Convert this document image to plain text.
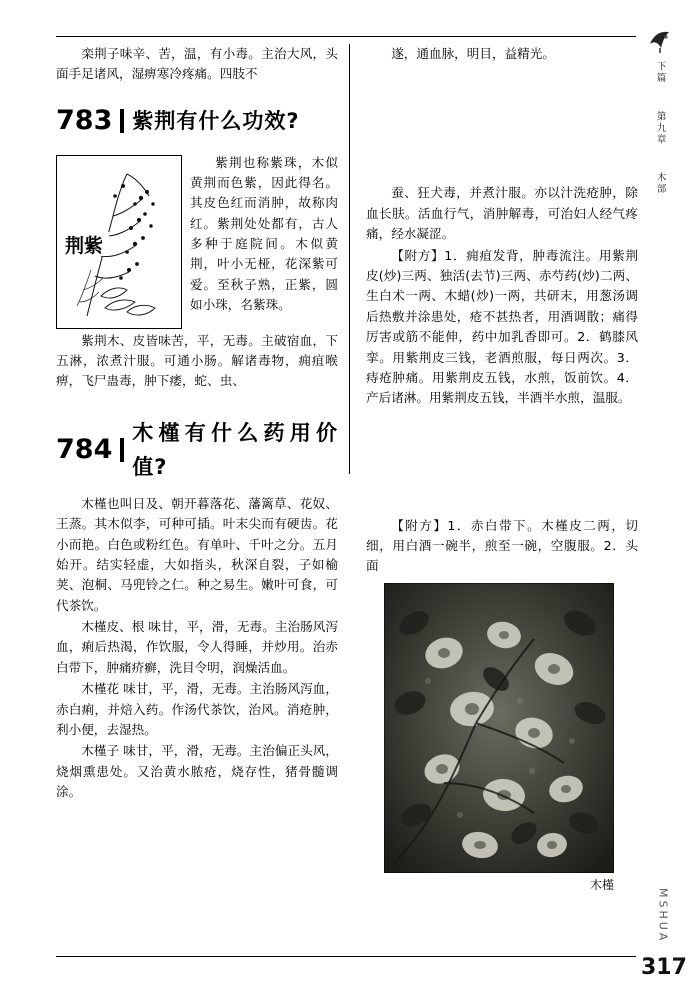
下篇 第九章 木部
MSHUA
317

栾荆子味辛、苦，温，有小毒。主治大风，头面手足诸风，湿痹寒冷疼痛。四肢不

783 紫荆有什么功效?
荆紫

紫荆也称紫珠，木似黄荆而色紫，因此得名。其皮色红而消肿，故称肉红。紫荆处处都有，古人多种于庭院间。木似黄荆，叶小无桠，花深紫可爱。至秋子熟，正紫，圆如小珠，名紫珠。

紫荆木、皮皆味苦，平，无毒。主破宿血，下五淋，浓煮汁服。可通小肠。解诸毒物，痈疽喉痹，飞尸蛊毒，肿下痿，蛇、虫、

784
木槿有什么药用价值?

木槿也叫日及、朝开暮落花、藩篱草、花奴、王蒸。其木似李，可种可插。叶末尖而有硬齿。花小而艳。白色或粉红色。有单叶、千叶之分。五月始开。结实轻虚，大如指头，秋深自裂，子如榆荚、泡桐、马兜铃之仁。种之易生。嫩叶可食，可代茶饮。

木槿皮、根 味甘，平，滑，无毒。主治肠风泻血，痢后热渴，作饮服，令人得睡，并炒用。治赤白带下，肿痛疥癣，洗目令明，润燥活血。

木槿花 味甘，平，滑，无毒。主治肠风泻血，赤白痢，并焙入药。作汤代茶饮，治风。消疮肿，利小便，去湿热。

木槿子 味甘，平，滑，无毒。主治偏正头风，烧烟熏患处。又治黄水脓疮，烧存性，猪骨髓调涂。

遂，通血脉，明目，益精光。

蚕、狂犬毒，并煮汁服。亦以汁洗疮肿，除血长肤。活血行气，消肿解毒，可治妇人经气疼痛，经水凝涩。

【附方】1．痈疽发背，肿毒流注。用紫荆皮(炒)三两、独活(去节)三两、赤芍药(炒)二两、生白术一两、木蜡(炒)一两，共研末，用葱汤调后热敷并涂患处，疮不甚热者，用酒调散；痛得厉害或筋不能伸，药中加乳香即可。2．鹤膝风挛。用紫荆皮三钱，老酒煎服，每日两次。3．痔疮肿痛。用紫荆皮五钱，水煎，饭前饮。4．产后诸淋。用紫荆皮五钱，半酒半水煎，温服。

【附方】1．赤白带下。木槿皮二两，切细，用白酒一碗半，煎至一碗，空腹服。2．头面

木槿
